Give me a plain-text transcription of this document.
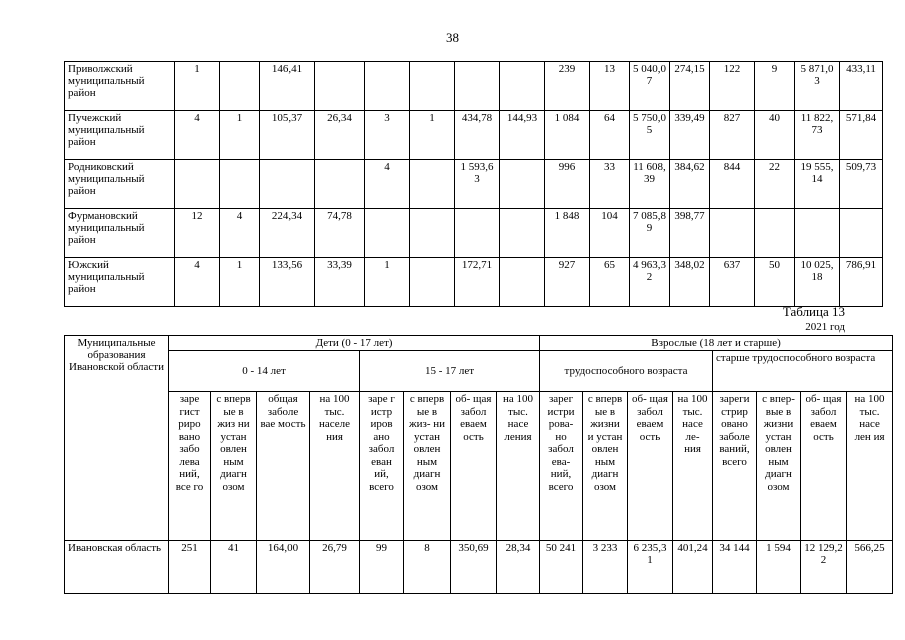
38
Приволжский муниципальный район	1		146,41						239	13	5 040,07	274,15	122	9	5 871,03	433,11
Пучежский муниципальный район	4	1	105,37	26,34	3	1	434,78	144,93	1 084	64	5 750,05	339,49	827	40	11 822,73	571,84
Родниковский муниципальный район					4		1 593,63		996	33	11 608,39	384,62	844	22	19 555,14	509,73
Фурмановский муниципальный район	12	4	224,34	74,78					1 848	104	7 085,89	398,77				
Южский муниципальный район	4	1	133,56	33,39	1		172,71		927	65	4 963,32	348,02	637	50	10 025,18	786,91
Таблица 13
2021 год
Муниципальные образования Ивановской области	Дети (0 - 17 лет)								Взрослые (18 лет и старше)							
	0 - 14 лет				15 - 17 лет				трудоспособного возраста				старше трудоспособного возраста			
	заре гист риро вано забо лева ний, все го	с вперв ые в жиз ни устан овлен ным диагн озом	общая заболе вае мость	на 100 тыс. населе ния	заре г истр иров ано забол еван ий, всего	с вперв ые в жиз- ни устан овлен ным диагн озом	об- щая забол еваем ость	на 100 тыс. насе ления	зарег истри рова- но забол ева- ний, всего	с вперв ые в жизни и устан овлен ным диагн озом	об- щая забол еваем ость	на 100 тыс. насе ле- ния	зареги стрир овано заболе ваний, всего	с впер- вые в жизни устан овлен ным диагн озом	об- щая забол еваем ость	на 100 тыс. насе лен ия
Ивановская область	251	41	164,00	26,79	99	8	350,69	28,34	50 241	3 233	6 235,31	401,24	34 144	1 594	12 129,22	566,25
